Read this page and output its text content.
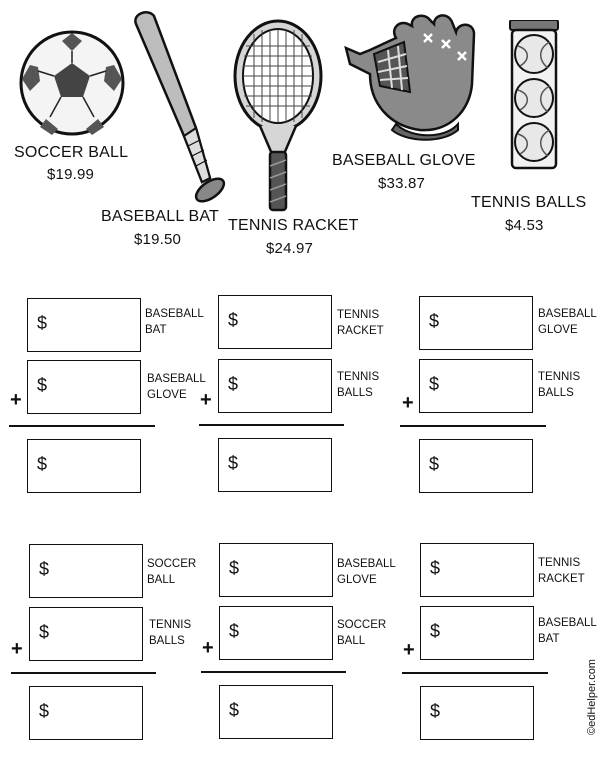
SOCCER BALL
$19.99
BASEBALL BAT
$19.50
TENNIS RACKET
$24.97
BASEBALL GLOVE
$33.87
TENNIS BALLS
$4.53
$	BASEBALL
BAT
$	BASEBALL
GLOVE
+
$
$	TENNIS
RACKET
$	TENNIS
BALLS
+
$
$	BASEBALL
GLOVE
$	TENNIS
BALLS
+
$
$	SOCCER
BALL
$	TENNIS
BALLS
+
$
$	BASEBALL
GLOVE
$	SOCCER
BALL
+
$
$	TENNIS
RACKET
$	BASEBALL
BAT
+
$	©edHelper.com
